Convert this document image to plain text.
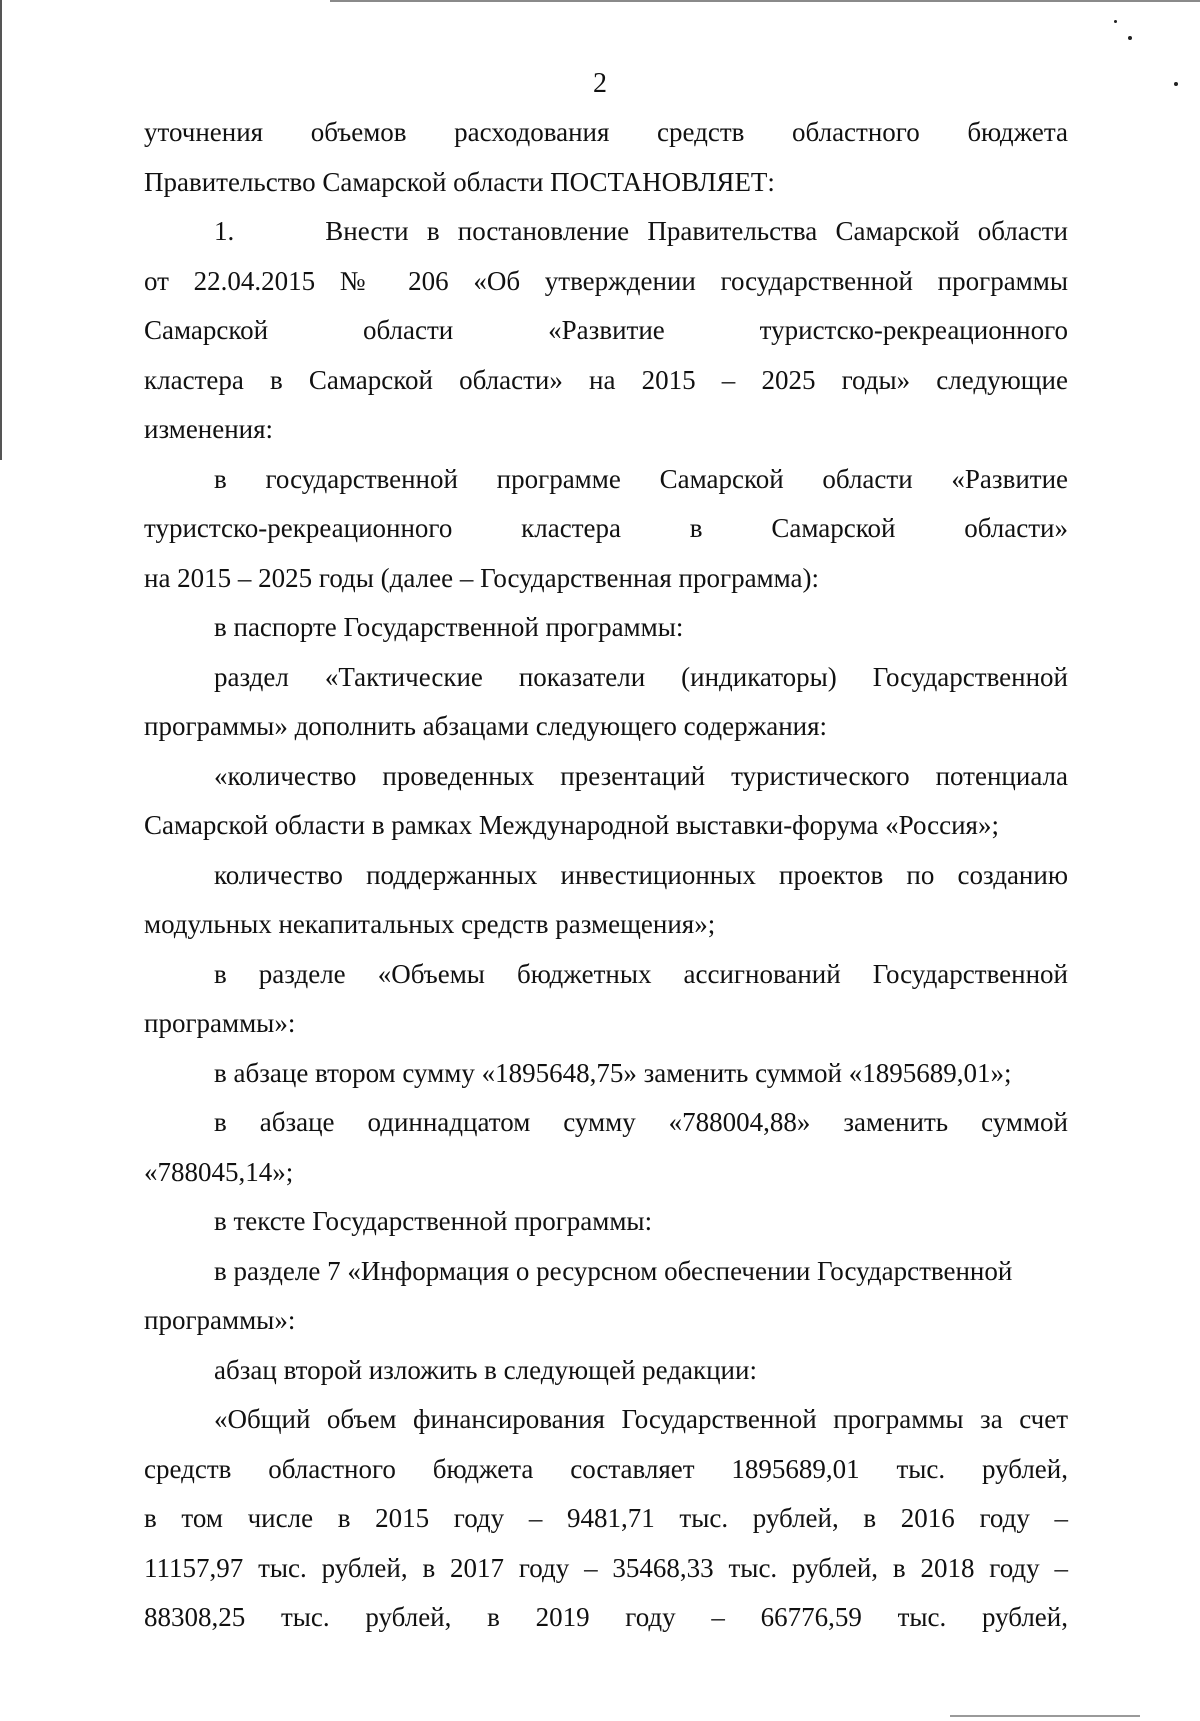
2

уточнения объемов расходования средств областного бюджета

Правительство Самарской области ПОСТАНОВЛЯЕТ:

1.     Внести в постановление Правительства Самарской области

от 22.04.2015 № 206 «Об утверждении государственной программы

Самарской области «Развитие туристско-рекреационного

кластера в Самарской области» на 2015 – 2025 годы» следующие

изменения:

в государственной программе Самарской области «Развитие

туристско-рекреационного кластера в Самарской области»

на 2015 – 2025 годы (далее – Государственная программа):

в паспорте Государственной программы:

раздел «Тактические показатели (индикаторы) Государственной

программы» дополнить абзацами следующего содержания:

«количество проведенных презентаций туристического потенциала

Самарской области в рамках Международной выставки-форума «Россия»;

количество поддержанных инвестиционных проектов по созданию

модульных некапитальных средств размещения»;

в разделе «Объемы бюджетных ассигнований Государственной

программы»:

в абзаце втором сумму «1895648,75» заменить суммой «1895689,01»;

в абзаце одиннадцатом сумму «788004,88» заменить суммой

«788045,14»;

в тексте Государственной программы:

в разделе 7 «Информация о ресурсном обеспечении Государственной

программы»:

абзац второй изложить в следующей редакции:

«Общий объем финансирования Государственной программы за счет

средств областного бюджета составляет 1895689,01 тыс. рублей,

в том числе в 2015 году – 9481,71 тыс. рублей, в 2016 году –

11157,97 тыс. рублей, в 2017 году – 35468,33 тыс. рублей, в 2018 году –

88308,25 тыс. рублей, в 2019 году – 66776,59 тыс. рублей,
